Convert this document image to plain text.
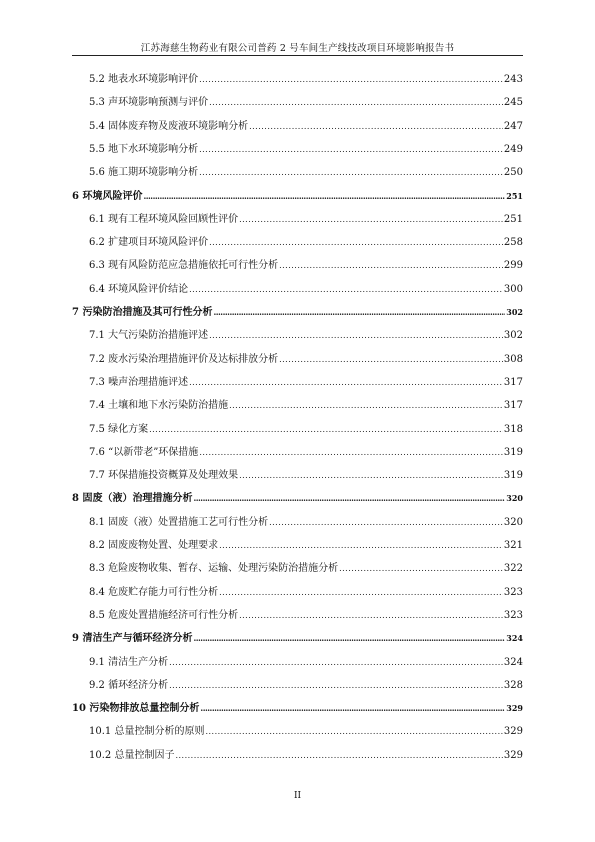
江苏海慈生物药业有限公司普药 2 号车间生产线技改项目环境影响报告书
5.2 地表水环境影响评价 .....	243
5.3 声环境影响预测与评价 .....	245
5.4 固体废弃物及废液环境影响分析 .....	247
5.5 地下水环境影响分析 .....	249
5.6 施工期环境影响分析 .....	250
6 环境风险评价 .....	251
6.1 现有工程环境风险回顾性评价 .....	251
6.2 扩建项目环境风险评价 .....	258
6.3 现有风险防范应急措施依托可行性分析 .....	299
6.4 环境风险评价结论 .....	300
7 污染防治措施及其可行性分析 .....	302
7.1 大气污染防治措施评述 .....	302
7.2 废水污染治理措施评价及达标排放分析 .....	308
7.3 噪声治理措施评述 .....	317
7.4 土壤和地下水污染防治措施 .....	317
7.5 绿化方案 .....	318
7.6 “以新带老”环保措施 .....	319
7.7 环保措施投资概算及处理效果 .....	319
8 固废（液）治理措施分析 .....	320
8.1 固废（液）处置措施工艺可行性分析 .....	320
8.2 固废废物处置、处理要求 .....	321
8.3 危险废物收集、暂存、运输、处理污染防治措施分析 .....	322
8.4 危废贮存能力可行性分析 .....	323
8.5 危废处置措施经济可行性分析 .....	323
9 清洁生产与循环经济分析 .....	324
9.1 清洁生产分析 .....	324
9.2 循环经济分析 .....	328
10 污染物排放总量控制分析 .....	329
10.1 总量控制分析的原则 .....	329
10.2 总量控制因子 .....	329
II
